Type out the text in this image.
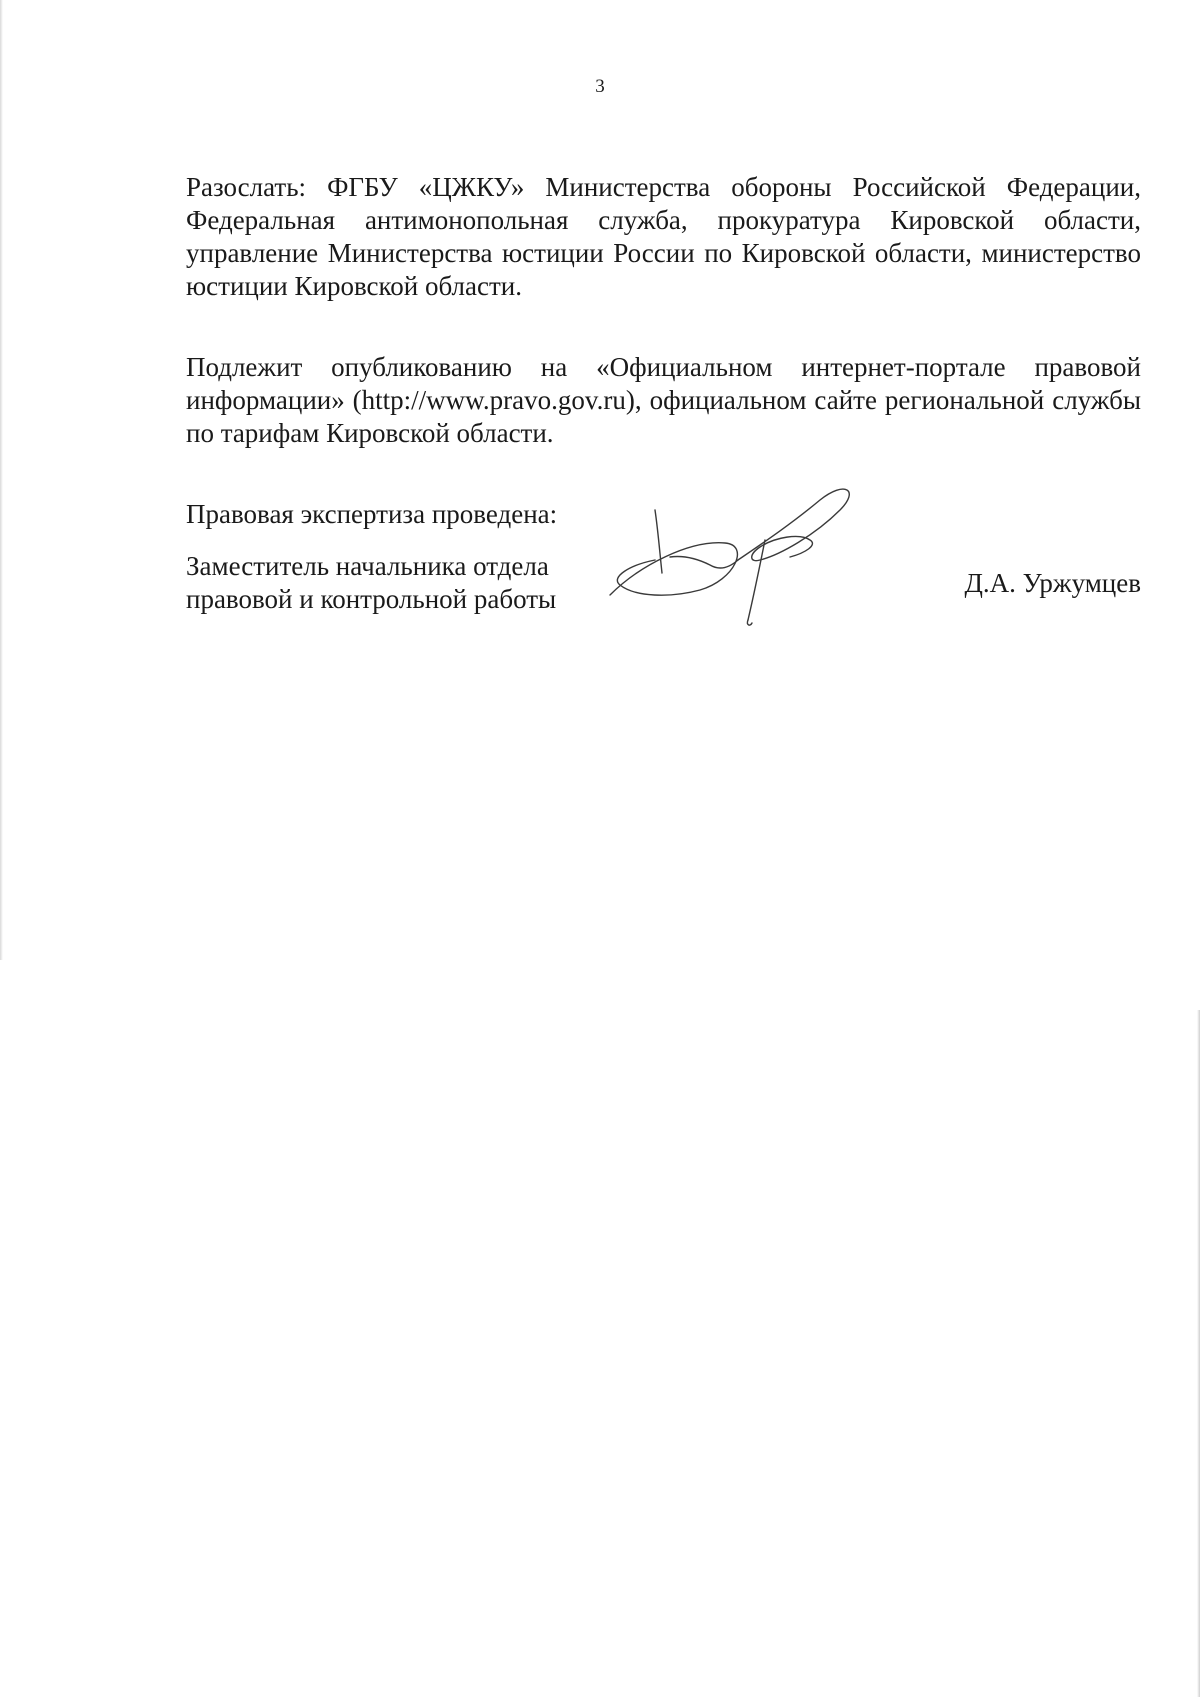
3
Разослать: ФГБУ «ЦЖКУ» Министерства обороны Российской Федерации, Федеральная антимонопольная служба, прокуратура Кировской области, управление Министерства юстиции России по Кировской области, министерство юстиции Кировской области.
Подлежит опубликованию на «Официальном интернет-портале правовой информации» (http://www.pravo.gov.ru), официальном сайте региональной службы по тарифам Кировской области.
Правовая экспертиза проведена:
Заместитель начальника отдела
правовой и контрольной работы
Д.А. Уржумцев
